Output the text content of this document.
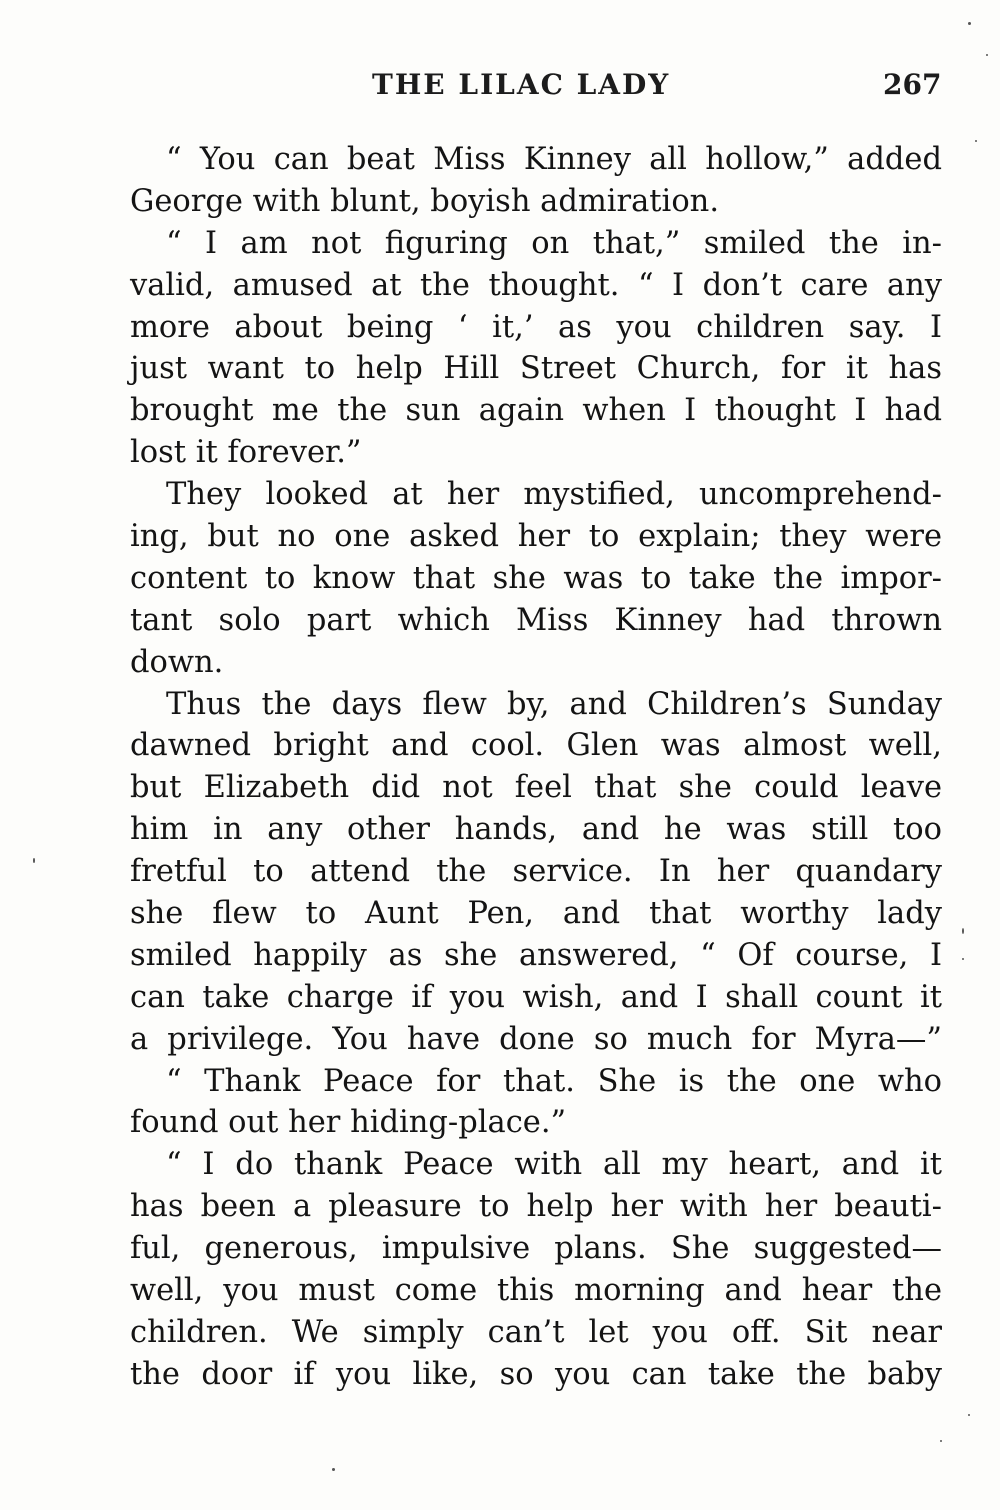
THE LILAC LADY	267
“ You can beat Miss Kinney all hollow,” added
George with blunt, boyish admiration.
“ I am not figuring on that,” smiled the in-
valid, amused at the thought. “ I don’t care any
more about being ‘ it,’ as you children say. I
just want to help Hill Street Church, for it has
brought me the sun again when I thought I had
lost it forever.”
They looked at her mystified, uncomprehend-
ing, but no one asked her to explain; they were
content to know that she was to take the impor-
tant solo part which Miss Kinney had thrown
down.
Thus the days flew by, and Children’s Sunday
dawned bright and cool. Glen was almost well,
but Elizabeth did not feel that she could leave
him in any other hands, and he was still too
fretful to attend the service. In her quandary
she flew to Aunt Pen, and that worthy lady
smiled happily as she answered, “ Of course, I
can take charge if you wish, and I shall count it
a privilege. You have done so much for Myra—”
“ Thank Peace for that. She is the one who
found out her hiding-place.”
“ I do thank Peace with all my heart, and it
has been a pleasure to help her with her beauti-
ful, generous, impulsive plans. She suggested—
well, you must come this morning and hear the
children. We simply can’t let you off. Sit near
the door if you like, so you can take the baby
